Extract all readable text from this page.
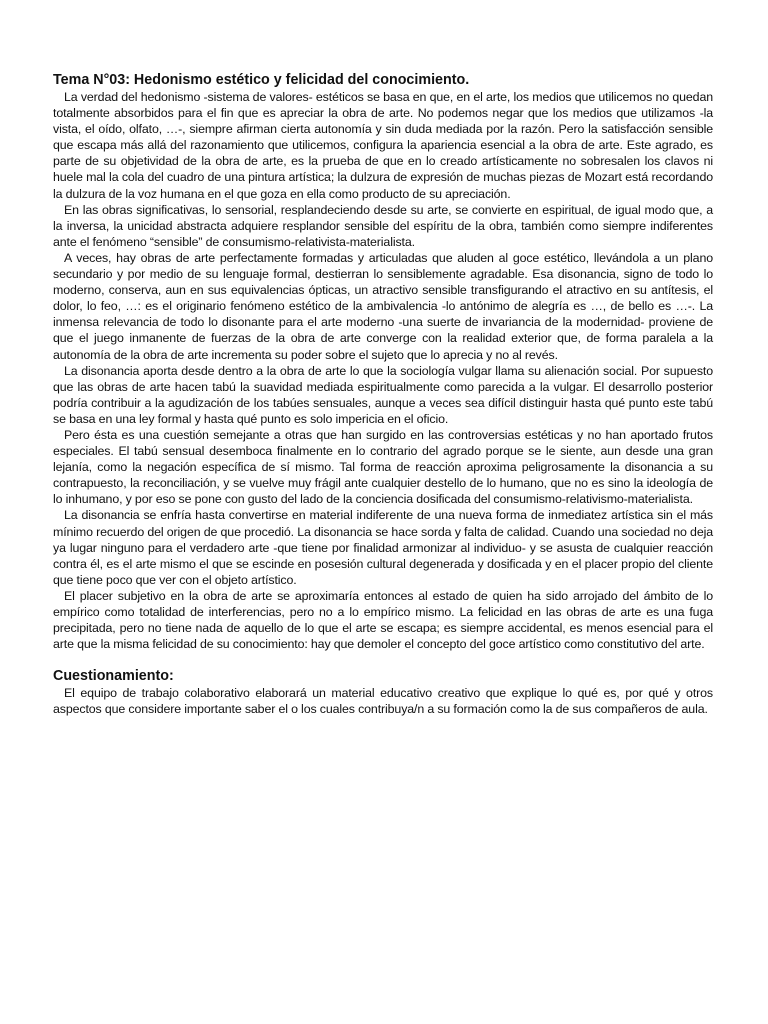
Tema N°03: Hedonismo estético y felicidad del conocimiento.

La verdad del hedonismo -sistema de valores- estéticos se basa en que, en el arte, los medios que utilicemos no quedan totalmente absorbidos para el fin que es apreciar la obra de arte. No podemos negar que los medios que utilizamos -la vista, el oído, olfato, …-, siempre afirman cierta autonomía y sin duda mediada por la razón. Pero la satisfacción sensible que escapa más allá del razonamiento que utilicemos, configura la apariencia esencial a la obra de arte. Este agrado, es parte de su objetividad de la obra de arte, es la prueba de que en lo creado artísticamente no sobresalen los clavos ni huele mal la cola del cuadro de una pintura artística; la dulzura de expresión de muchas piezas de Mozart está recordando la dulzura de la voz humana en el que goza en ella como producto de su apreciación.

En las obras significativas, lo sensorial, resplandeciendo desde su arte, se convierte en espiritual, de igual modo que, a la inversa, la unicidad abstracta adquiere resplandor sensible del espíritu de la obra, también como siempre indiferentes ante el fenómeno “sensible” de consumismo-relativista-materialista.

A veces, hay obras de arte perfectamente formadas y articuladas que aluden al goce estético, llevándola a un plano secundario y por medio de su lenguaje formal, destierran lo sensiblemente agradable. Esa disonancia, signo de todo lo moderno, conserva, aun en sus equivalencias ópticas, un atractivo sensible transfigurando el atractivo en su antítesis, el dolor, lo feo, …: es el originario fenómeno estético de la ambivalencia -lo antónimo de alegría es …, de bello es …-. La inmensa relevancia de todo lo disonante para el arte moderno -una suerte de invariancia de la modernidad- proviene de que el juego inmanente de fuerzas de la obra de arte converge con la realidad exterior que, de forma paralela a la autonomía de la obra de arte incrementa su poder sobre el sujeto que lo aprecia y no al revés.

La disonancia aporta desde dentro a la obra de arte lo que la sociología vulgar llama su alienación social. Por supuesto que las obras de arte hacen tabú la suavidad mediada espiritualmente como parecida a la vulgar. El desarrollo posterior podría contribuir a la agudización de los tabúes sensuales, aunque a veces sea difícil distinguir hasta qué punto este tabú se basa en una ley formal y hasta qué punto es solo impericia en el oficio.

Pero ésta es una cuestión semejante a otras que han surgido en las controversias estéticas y no han aportado frutos especiales. El tabú sensual desemboca finalmente en lo contrario del agrado porque se le siente, aun desde una gran lejanía, como la negación específica de sí mismo. Tal forma de reacción aproxima peligrosamente la disonancia a su contrapuesto, la reconciliación, y se vuelve muy frágil ante cualquier destello de lo humano, que no es sino la ideología de lo inhumano, y por eso se pone con gusto del lado de la conciencia dosificada del consumismo-relativismo-materialista.

La disonancia se enfría hasta convertirse en material indiferente de una nueva forma de inmediatez artística sin el más mínimo recuerdo del origen de que procedió. La disonancia se hace sorda y falta de calidad. Cuando una sociedad no deja ya lugar ninguno para el verdadero arte -que tiene por finalidad armonizar al individuo- y se asusta de cualquier reacción contra él, es el arte mismo el que se escinde en posesión cultural degenerada y dosificada y en el placer propio del cliente que tiene poco que ver con el objeto artístico.

El placer subjetivo en la obra de arte se aproximaría entonces al estado de quien ha sido arrojado del ámbito de lo empírico como totalidad de interferencias, pero no a lo empírico mismo. La felicidad en las obras de arte es una fuga precipitada, pero no tiene nada de aquello de lo que el arte se escapa; es siempre accidental, es menos esencial para el arte que la misma felicidad de su conocimiento: hay que demoler el concepto del goce artístico como constitutivo del arte.

Cuestionamiento:

El equipo de trabajo colaborativo elaborará un material educativo creativo que explique lo qué es, por qué y otros aspectos que considere importante saber el o los cuales contribuya/n a su formación como la de sus compañeros de aula.
